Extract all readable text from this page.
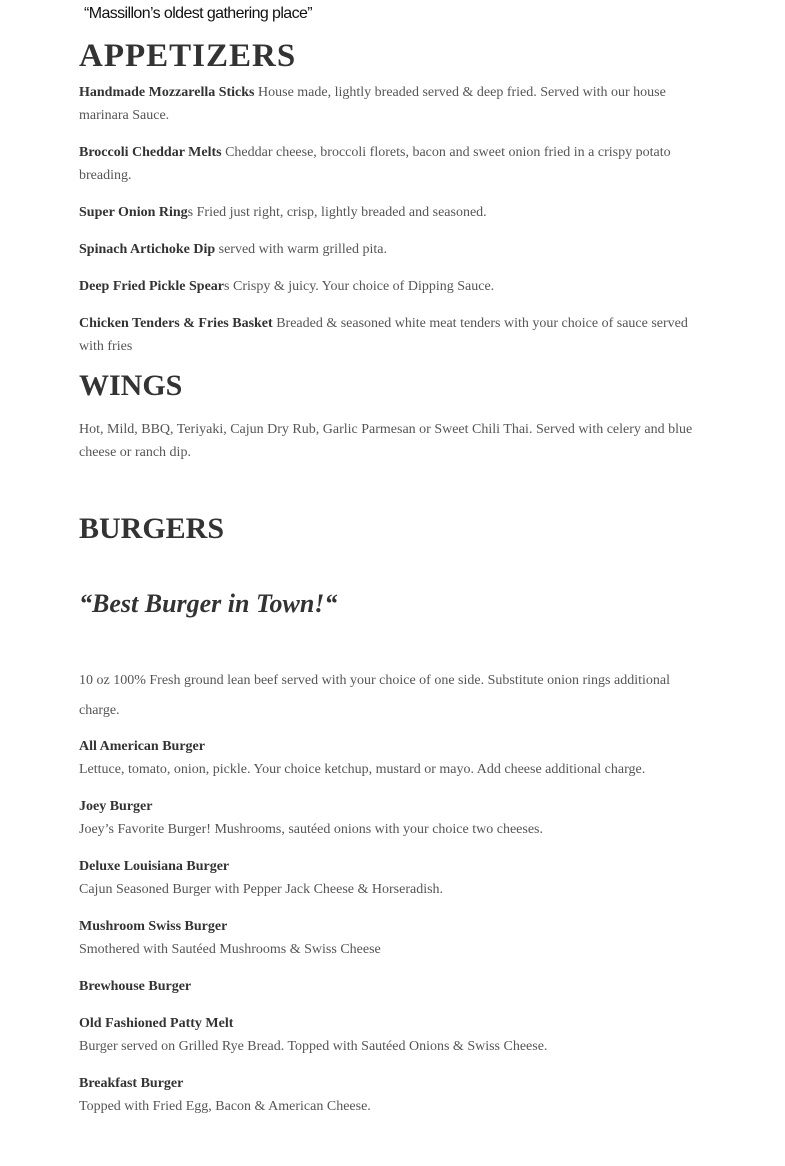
“Massillon’s oldest gathering place”
APPETIZERS
Handmade Mozzarella Sticks House made, lightly breaded served & deep fried. Served with our house marinara Sauce.
Broccoli Cheddar Melts Cheddar cheese, broccoli florets, bacon and sweet onion fried in a crispy potato breading.
Super Onion Rings Fried just right, crisp, lightly breaded and seasoned.
Spinach Artichoke Dip served with warm grilled pita.
Deep Fried Pickle Spears Crispy & juicy. Your choice of Dipping Sauce.
Chicken Tenders & Fries Basket Breaded & seasoned white meat tenders with your choice of sauce served with fries
WINGS
Hot, Mild, BBQ, Teriyaki, Cajun Dry Rub, Garlic Parmesan or Sweet Chili Thai. Served with celery and blue cheese or ranch dip.
BURGERS
“Best Burger in Town!“
10 oz 100% Fresh ground lean beef served with your choice of one side. Substitute onion rings additional charge.
All American Burger
Lettuce, tomato, onion, pickle. Your choice ketchup, mustard or mayo. Add cheese additional charge.
Joey Burger
Joey’s Favorite Burger! Mushrooms, sautéed onions with your choice two cheeses.
Deluxe Louisiana Burger
Cajun Seasoned Burger with Pepper Jack Cheese & Horseradish.
Mushroom Swiss Burger
Smothered with Sautéed Mushrooms & Swiss Cheese
Brewhouse Burger
Old Fashioned Patty Melt
Burger served on Grilled Rye Bread. Topped with Sautéed Onions & Swiss Cheese.
Breakfast Burger
Topped with Fried Egg, Bacon & American Cheese.
